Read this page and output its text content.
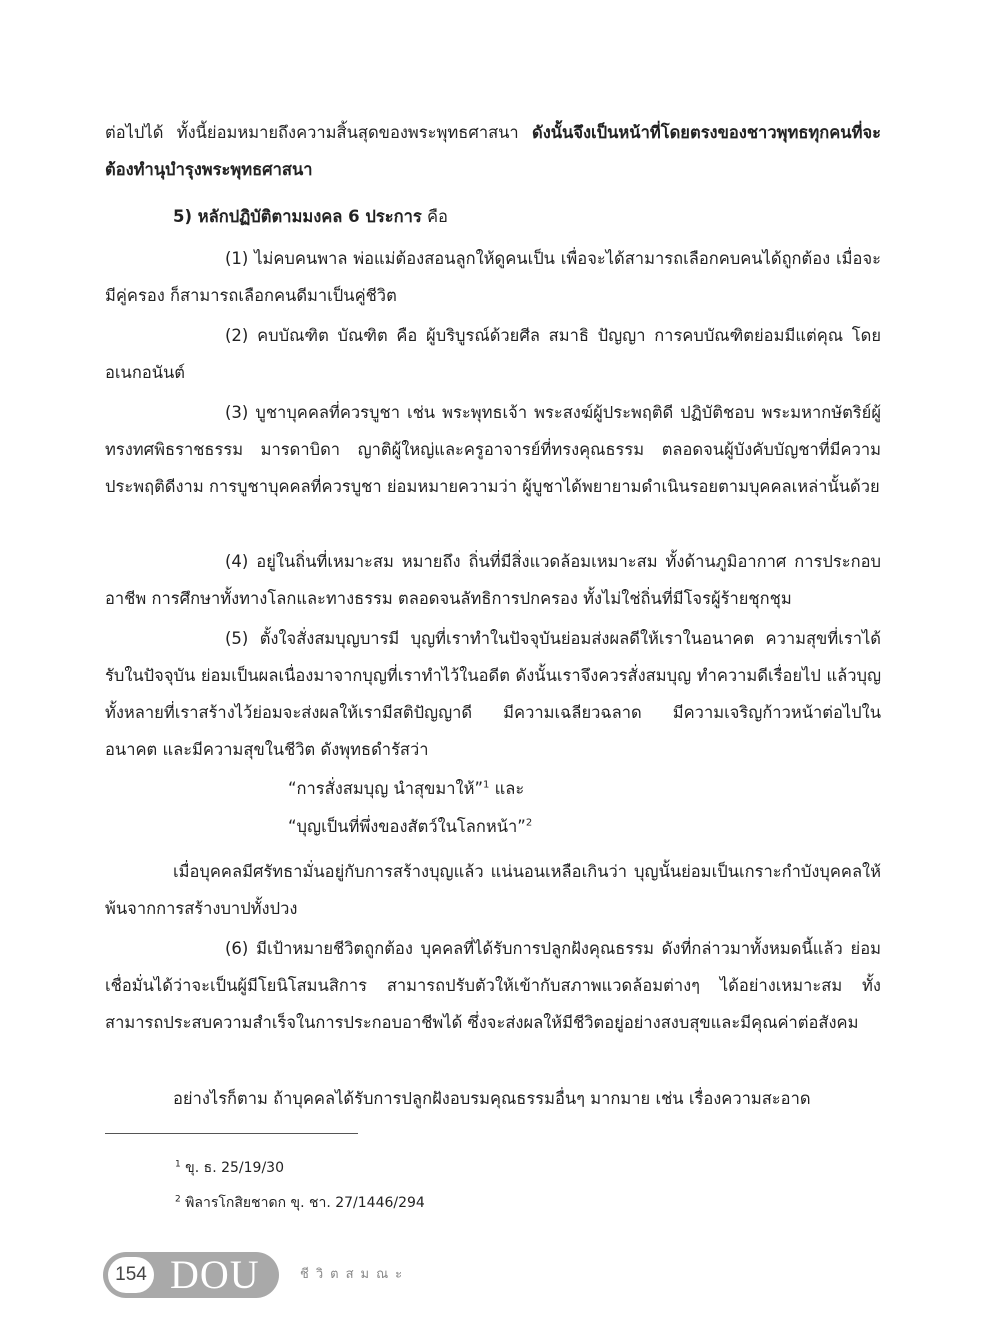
ต่อไปได้ ทั้งนี้ย่อมหมายถึงความสิ้นสุดของพระพุทธศาสนา ดังนั้นจึงเป็นหน้าที่โดยตรงของชาวพุทธทุกคนที่จะต้องทำนุบำรุงพระพุทธศาสนา

5) หลักปฏิบัติตามมงคล 6 ประการ คือ

(1) ไม่คบคนพาล พ่อแม่ต้องสอนลูกให้ดูคนเป็น เพื่อจะได้สามารถเลือกคบคนได้ถูกต้อง เมื่อจะมีคู่ครอง ก็สามารถเลือกคนดีมาเป็นคู่ชีวิต

(2) คบบัณฑิต บัณฑิต คือ ผู้บริบูรณ์ด้วยศีล สมาธิ ปัญญา การคบบัณฑิตย่อมมีแต่คุณ โดยอเนกอนันต์

(3) บูชาบุคคลที่ควรบูชา เช่น พระพุทธเจ้า พระสงฆ์ผู้ประพฤติดี ปฏิบัติชอบ พระมหากษัตริย์ผู้ทรงทศพิธราชธรรม มารดาบิดา ญาติผู้ใหญ่และครูอาจารย์ที่ทรงคุณธรรม ตลอดจนผู้บังคับบัญชาที่มีความประพฤติดีงาม การบูชาบุคคลที่ควรบูชา ย่อมหมายความว่า ผู้บูชาได้พยายามดำเนินรอยตามบุคคลเหล่านั้นด้วย

(4) อยู่ในถิ่นที่เหมาะสม หมายถึง ถิ่นที่มีสิ่งแวดล้อมเหมาะสม ทั้งด้านภูมิอากาศ การประกอบอาชีพ การศึกษาทั้งทางโลกและทางธรรม ตลอดจนลัทธิการปกครอง ทั้งไม่ใช่ถิ่นที่มีโจรผู้ร้ายชุกชุม

(5) ตั้งใจสั่งสมบุญบารมี บุญที่เราทำในปัจจุบันย่อมส่งผลดีให้เราในอนาคต ความสุขที่เราได้รับในปัจจุบัน ย่อมเป็นผลเนื่องมาจากบุญที่เราทำไว้ในอดีต ดังนั้นเราจึงควรสั่งสมบุญ ทำความดีเรื่อยไป แล้วบุญทั้งหลายที่เราสร้างไว้ย่อมจะส่งผลให้เรามีสติปัญญาดี มีความเฉลียวฉลาด มีความเจริญก้าวหน้าต่อไปในอนาคต และมีความสุขในชีวิต ดังพุทธดำรัสว่า

“การสั่งสมบุญ นำสุขมาให้”$^1$ และ

“บุญเป็นที่พึ่งของสัตว์ในโลกหน้า”$^2$

เมื่อบุคคลมีศรัทธามั่นอยู่กับการสร้างบุญแล้ว แน่นอนเหลือเกินว่า บุญนั้นย่อมเป็นเกราะกำบังบุคคลให้พ้นจากการสร้างบาปทั้งปวง

(6) มีเป้าหมายชีวิตถูกต้อง บุคคลที่ได้รับการปลูกฝังคุณธรรม ดังที่กล่าวมาทั้งหมดนี้แล้ว ย่อมเชื่อมั่นได้ว่าจะเป็นผู้มีโยนิโสมนสิการ สามารถปรับตัวให้เข้ากับสภาพแวดล้อมต่างๆ ได้อย่างเหมาะสม ทั้งสามารถประสบความสำเร็จในการประกอบอาชีพได้ ซึ่งจะส่งผลให้มีชีวิตอยู่อย่างสงบสุขและมีคุณค่าต่อสังคม

อย่างไรก็ตาม ถ้าบุคคลได้รับการปลูกฝังอบรมคุณธรรมอื่นๆ มากมาย เช่น เรื่องความสะอาด

$^1$ ขุ. ธ. 25/19/30

$^2$ พิลารโกสิยชาดก ขุ. ชา. 27/1446/294

154 DOU	ชีวิตสมณะ
